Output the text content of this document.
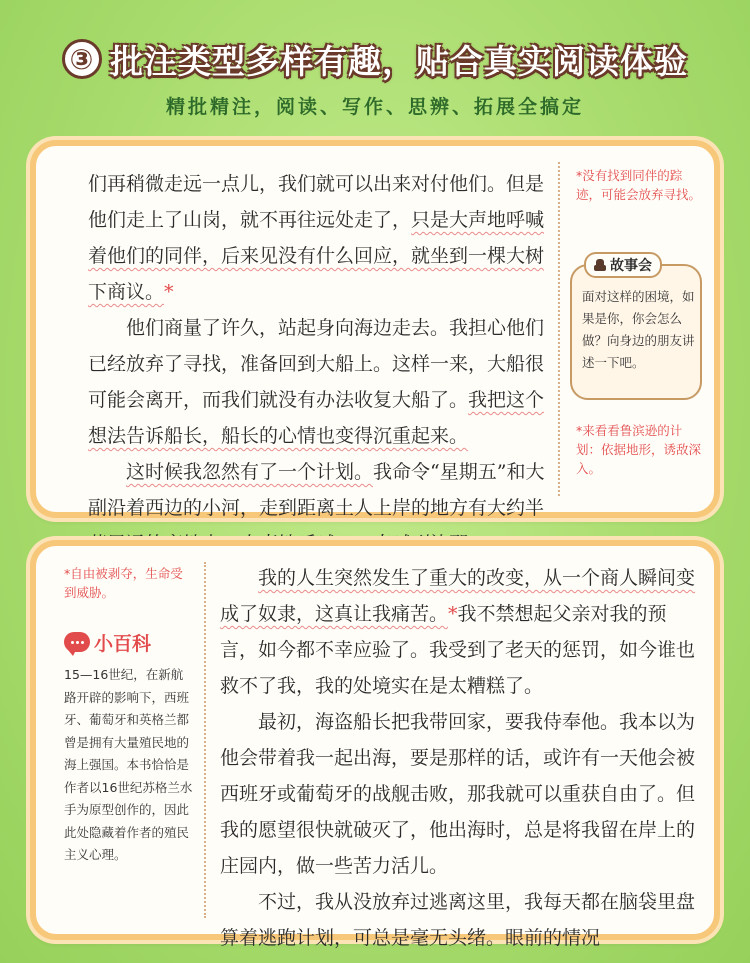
③ 批注类型多样有趣，贴合真实阅读体验
精批精注，阅读、写作、思辨、拓展全搞定

们再稍微走远一点儿，我们就可以出来对付他们。但是他们走上了山岗，就不再往远处走了，只是大声地呼喊着他们的同伴，后来见没有什么回应，就坐到一棵大树下商议。*

他们商量了许久，站起身向海边走去。我担心他们已经放弃了寻找，准备回到大船上。这样一来，大船很可能会离开，而我们就没有办法收复大船了。我把这个想法告诉船长，船长的心情也变得沉重起来。

这时候我忽然有了一个计划。我命令“星期五”和大副沿着西边的小河，走到距离土人上岸的地方有大约半

*没有找到同伴的踪迹，可能会放弃寻找。
故事会
面对这样的困境，如果是你，你会怎么做？向身边的朋友讲述一下吧。
*来看看鲁滨逊的计划：依据地形，诱敌深入。
*自由被剥夺，生命受到威胁。
小百科
15—16世纪，在新航路开辟的影响下，西班牙、葡萄牙和英格兰都曾是拥有大量殖民地的海上强国。本书恰恰是作者以16世纪苏格兰水手为原型创作的，因此此处隐藏着作者的殖民主义心理。

我的人生突然发生了重大的改变，从一个商人瞬间变成了奴隶，这真让我痛苦。*我不禁想起父亲对我的预言，如今都不幸应验了。我受到了老天的惩罚，如今谁也救不了我，我的处境实在是太糟糕了。

最初，海盗船长把我带回家，要我侍奉他。我本以为他会带着我一起出海，要是那样的话，或许有一天他会被西班牙或葡萄牙的战舰击败，那我就可以重获自由了。但我的愿望很快就破灭了，他出海时，总是将我留在岸上的庄园内，做一些苦力活儿。

不过，我从没放弃过逃离这里，我每天都在脑袋里盘算着逃跑计划，可总是毫无头绪。眼前的情况
